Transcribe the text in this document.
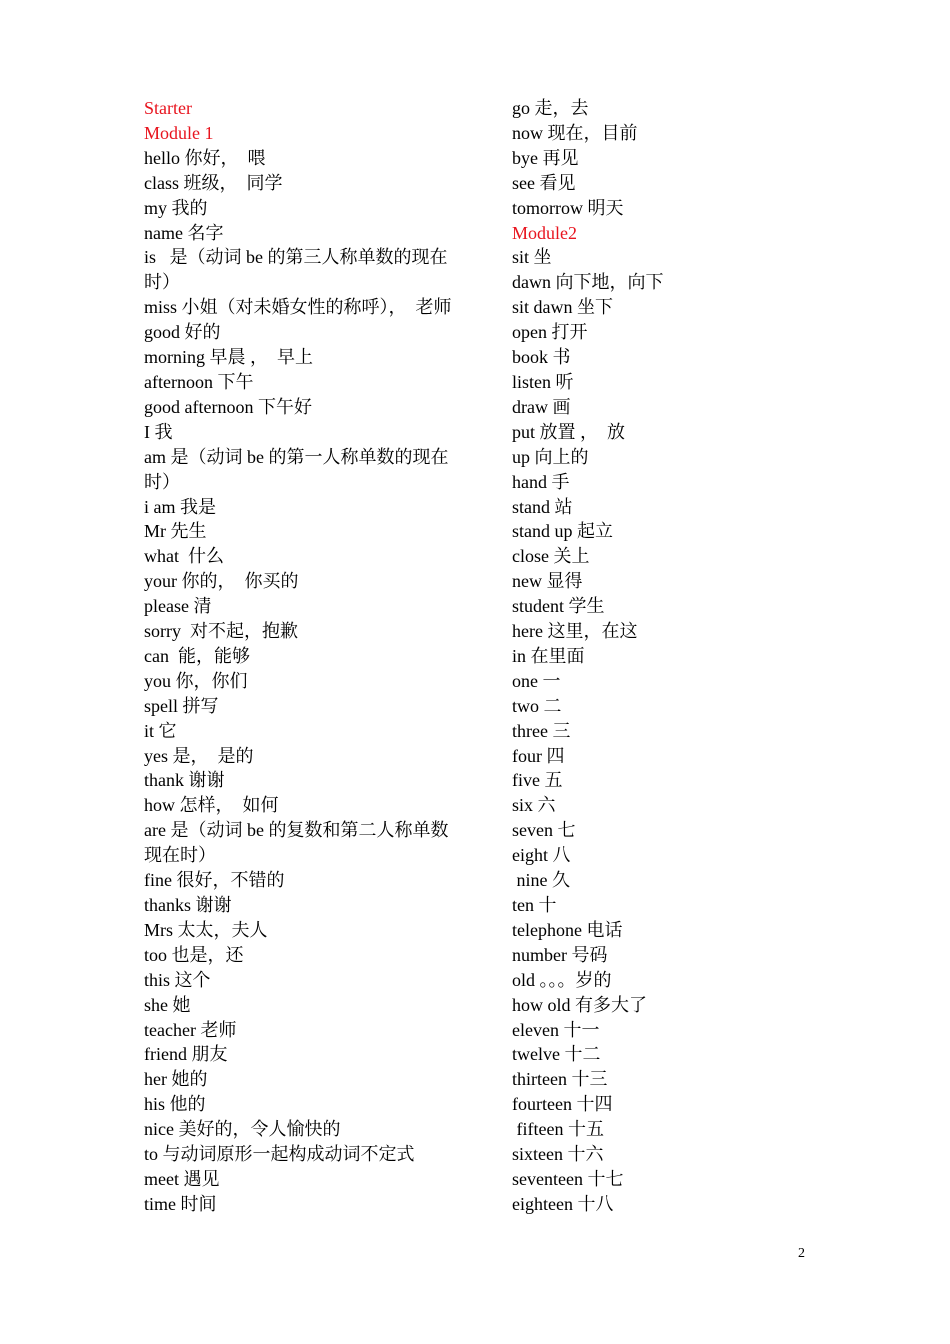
Starter
Module 1
hello 你好，  喂
class 班级，  同学
my 我的
name 名字
is   是（动词 be 的第三人称单数的现在
时）
miss 小姐（对未婚女性的称呼），  老师
good 好的
morning 早晨 ，  早上
afternoon 下午
good afternoon 下午好
I 我
am 是（动词 be 的第一人称单数的现在
时）
i am 我是
Mr 先生
what  什么
your 你的，  你买的
please 清
sorry  对不起，抱歉
can  能，能够
you 你，你们
spell 拼写
it 它
yes 是，  是的
thank 谢谢
how 怎样，  如何
are 是（动词 be 的复数和第二人称单数
现在时）
fine 很好，不错的
thanks 谢谢
Mrs 太太，夫人
too 也是，还
this 这个
she 她
teacher 老师
friend 朋友
her 她的
his 他的
nice 美好的，令人愉快的
to 与动词原形一起构成动词不定式
meet 遇见
time 时间
go 走，去
now 现在，目前
bye 再见
see 看见
tomorrow 明天
Module2
sit 坐
dawn 向下地，向下
sit dawn 坐下
open 打开
book 书
listen 听
draw 画
put 放置 ，  放
up 向上的
hand 手
stand 站
stand up 起立
close 关上
new 显得
student 学生
here 这里，在这
in 在里面
one 一
two 二
three 三
four 四
five 五
six 六
seven 七
eight 八
nine 久
ten 十
telephone 电话
number 号码
old 。。。岁的
how old 有多大了
eleven 十一
twelve 十二
thirteen 十三
fourteen 十四
fifteen 十五
sixteen 十六
seventeen 十七
eighteen 十八
2
